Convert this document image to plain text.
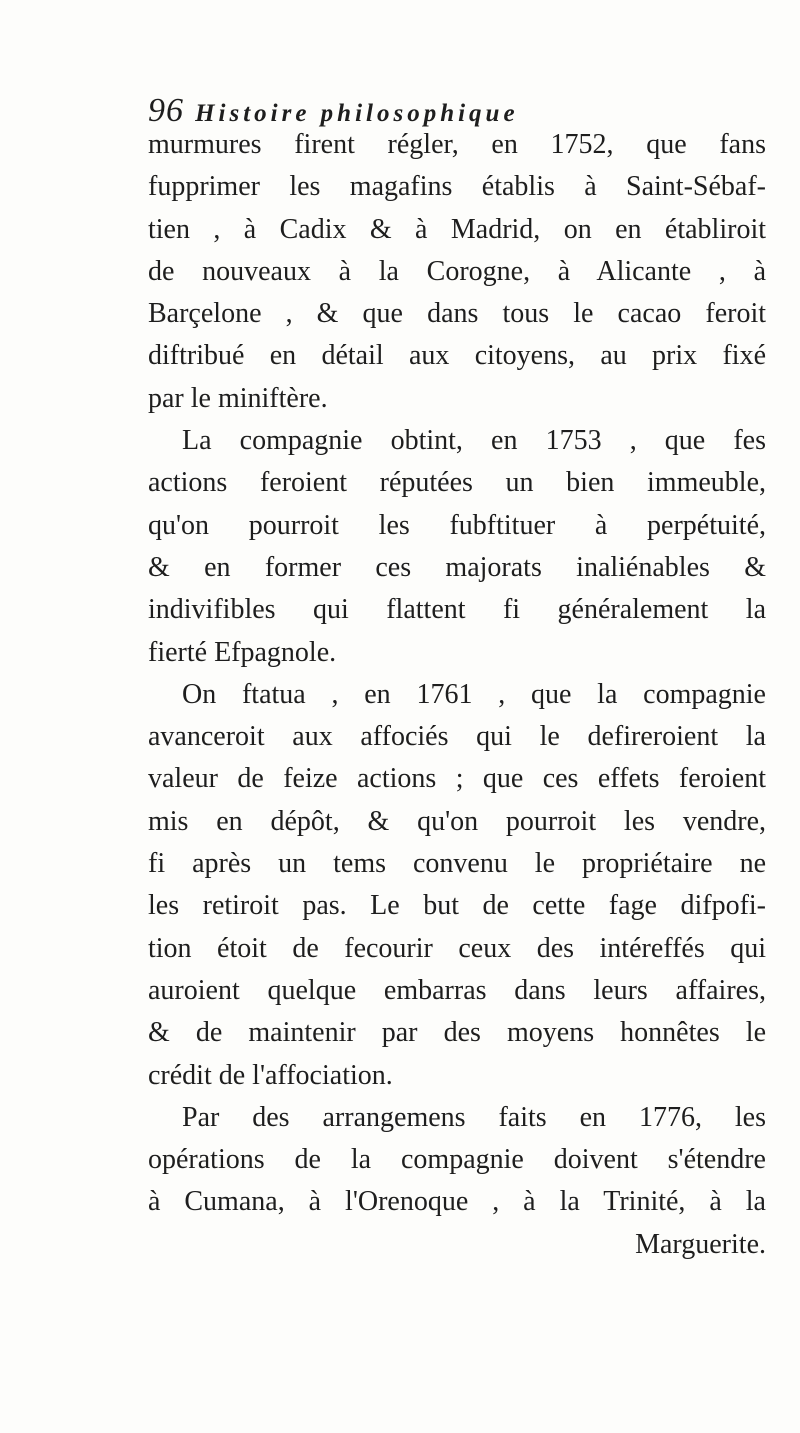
96 Histoire philosophique
murmures firent régler, en 1752, que fans
fupprimer les magafins établis à Saint-Sébaf-
tien , à Cadix & à Madrid, on en établiroit
de nouveaux à la Corogne, à Alicante , à
Barçelone , & que dans tous le cacao feroit
diftribué en détail aux citoyens, au prix fixé
par le miniftère.
La compagnie obtint, en 1753 , que fes
actions feroient réputées un bien immeuble,
qu'on pourroit les fubftituer à perpétuité,
& en former ces majorats inaliénables &
indivifibles qui flattent fi généralement la
fierté Efpagnole.
On ftatua , en 1761 , que la compagnie
avanceroit aux affociés qui le defireroient la
valeur de feize actions ; que ces effets feroient
mis en dépôt, & qu'on pourroit les vendre,
fi après un tems convenu le propriétaire ne
les retiroit pas. Le but de cette fage difpofi-
tion étoit de fecourir ceux des intéreffés qui
auroient quelque embarras dans leurs affaires,
& de maintenir par des moyens honnêtes le
crédit de l'affociation.
Par des arrangemens faits en 1776, les
opérations de la compagnie doivent s'étendre
à Cumana, à l'Orenoque , à la Trinité, à la
Marguerite.
